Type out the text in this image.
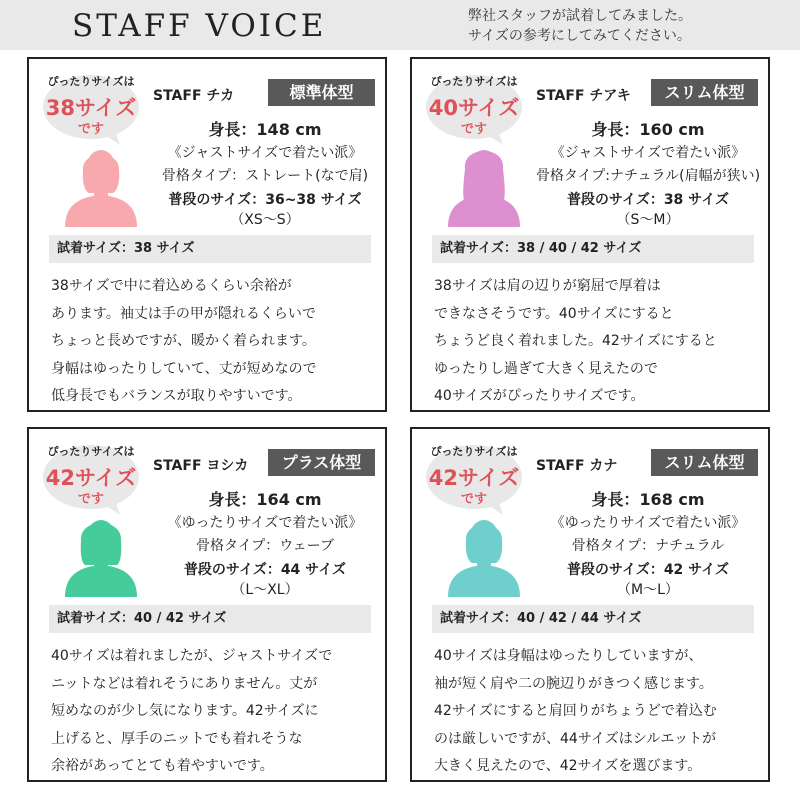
STAFF VOICE	弊社スタッフが試着してみました。
サイズの参考にしてみてください。
ぴったりサイズは
38サイズ
です
STAFF チカ	標準体型
身長：148 cm
《ジャストサイズで着たい派》
骨格タイプ：ストレート(なで肩)
普段のサイズ：36~38 サイズ
（XS〜S）
試着サイズ：38 サイズ
38サイズで中に着込めるくらい余裕が
あります。袖丈は手の甲が隠れるくらいで
ちょっと長めですが、暖かく着られます。
身幅はゆったりしていて、丈が短めなので
低身長でもバランスが取りやすいです。
ぴったりサイズは
40サイズ
です
STAFF チアキ	スリム体型
身長：160 cm
《ジャストサイズで着たい派》
骨格タイプ:ナチュラル(肩幅が狭い)
普段のサイズ：38 サイズ
（S〜M）
試着サイズ：38 / 40 / 42 サイズ
38サイズは肩の辺りが窮屈で厚着は
できなさそうです。40サイズにすると
ちょうど良く着れました。42サイズにすると
ゆったりし過ぎて大きく見えたので
40サイズがぴったりサイズです。
ぴったりサイズは
42サイズ
です
STAFF ヨシカ	プラス体型
身長：164 cm
《ゆったりサイズで着たい派》
骨格タイプ：ウェーブ
普段のサイズ：44 サイズ
（L〜XL）
試着サイズ：40 / 42 サイズ
40サイズは着れましたが、ジャストサイズで
ニットなどは着れそうにありません。丈が
短めなのが少し気になります。42サイズに
上げると、厚手のニットでも着れそうな
余裕があってとても着やすいです。
ぴったりサイズは
42サイズ
です
STAFF カナ	スリム体型
身長：168 cm
《ゆったりサイズで着たい派》
骨格タイプ：ナチュラル
普段のサイズ：42 サイズ
（M〜L）
試着サイズ：40 / 42 / 44 サイズ
40サイズは身幅はゆったりしていますが、
袖が短く肩や二の腕辺りがきつく感じます。
42サイズにすると肩回りがちょうどで着込む
のは厳しいですが、44サイズはシルエットが
大きく見えたので、42サイズを選びます。
